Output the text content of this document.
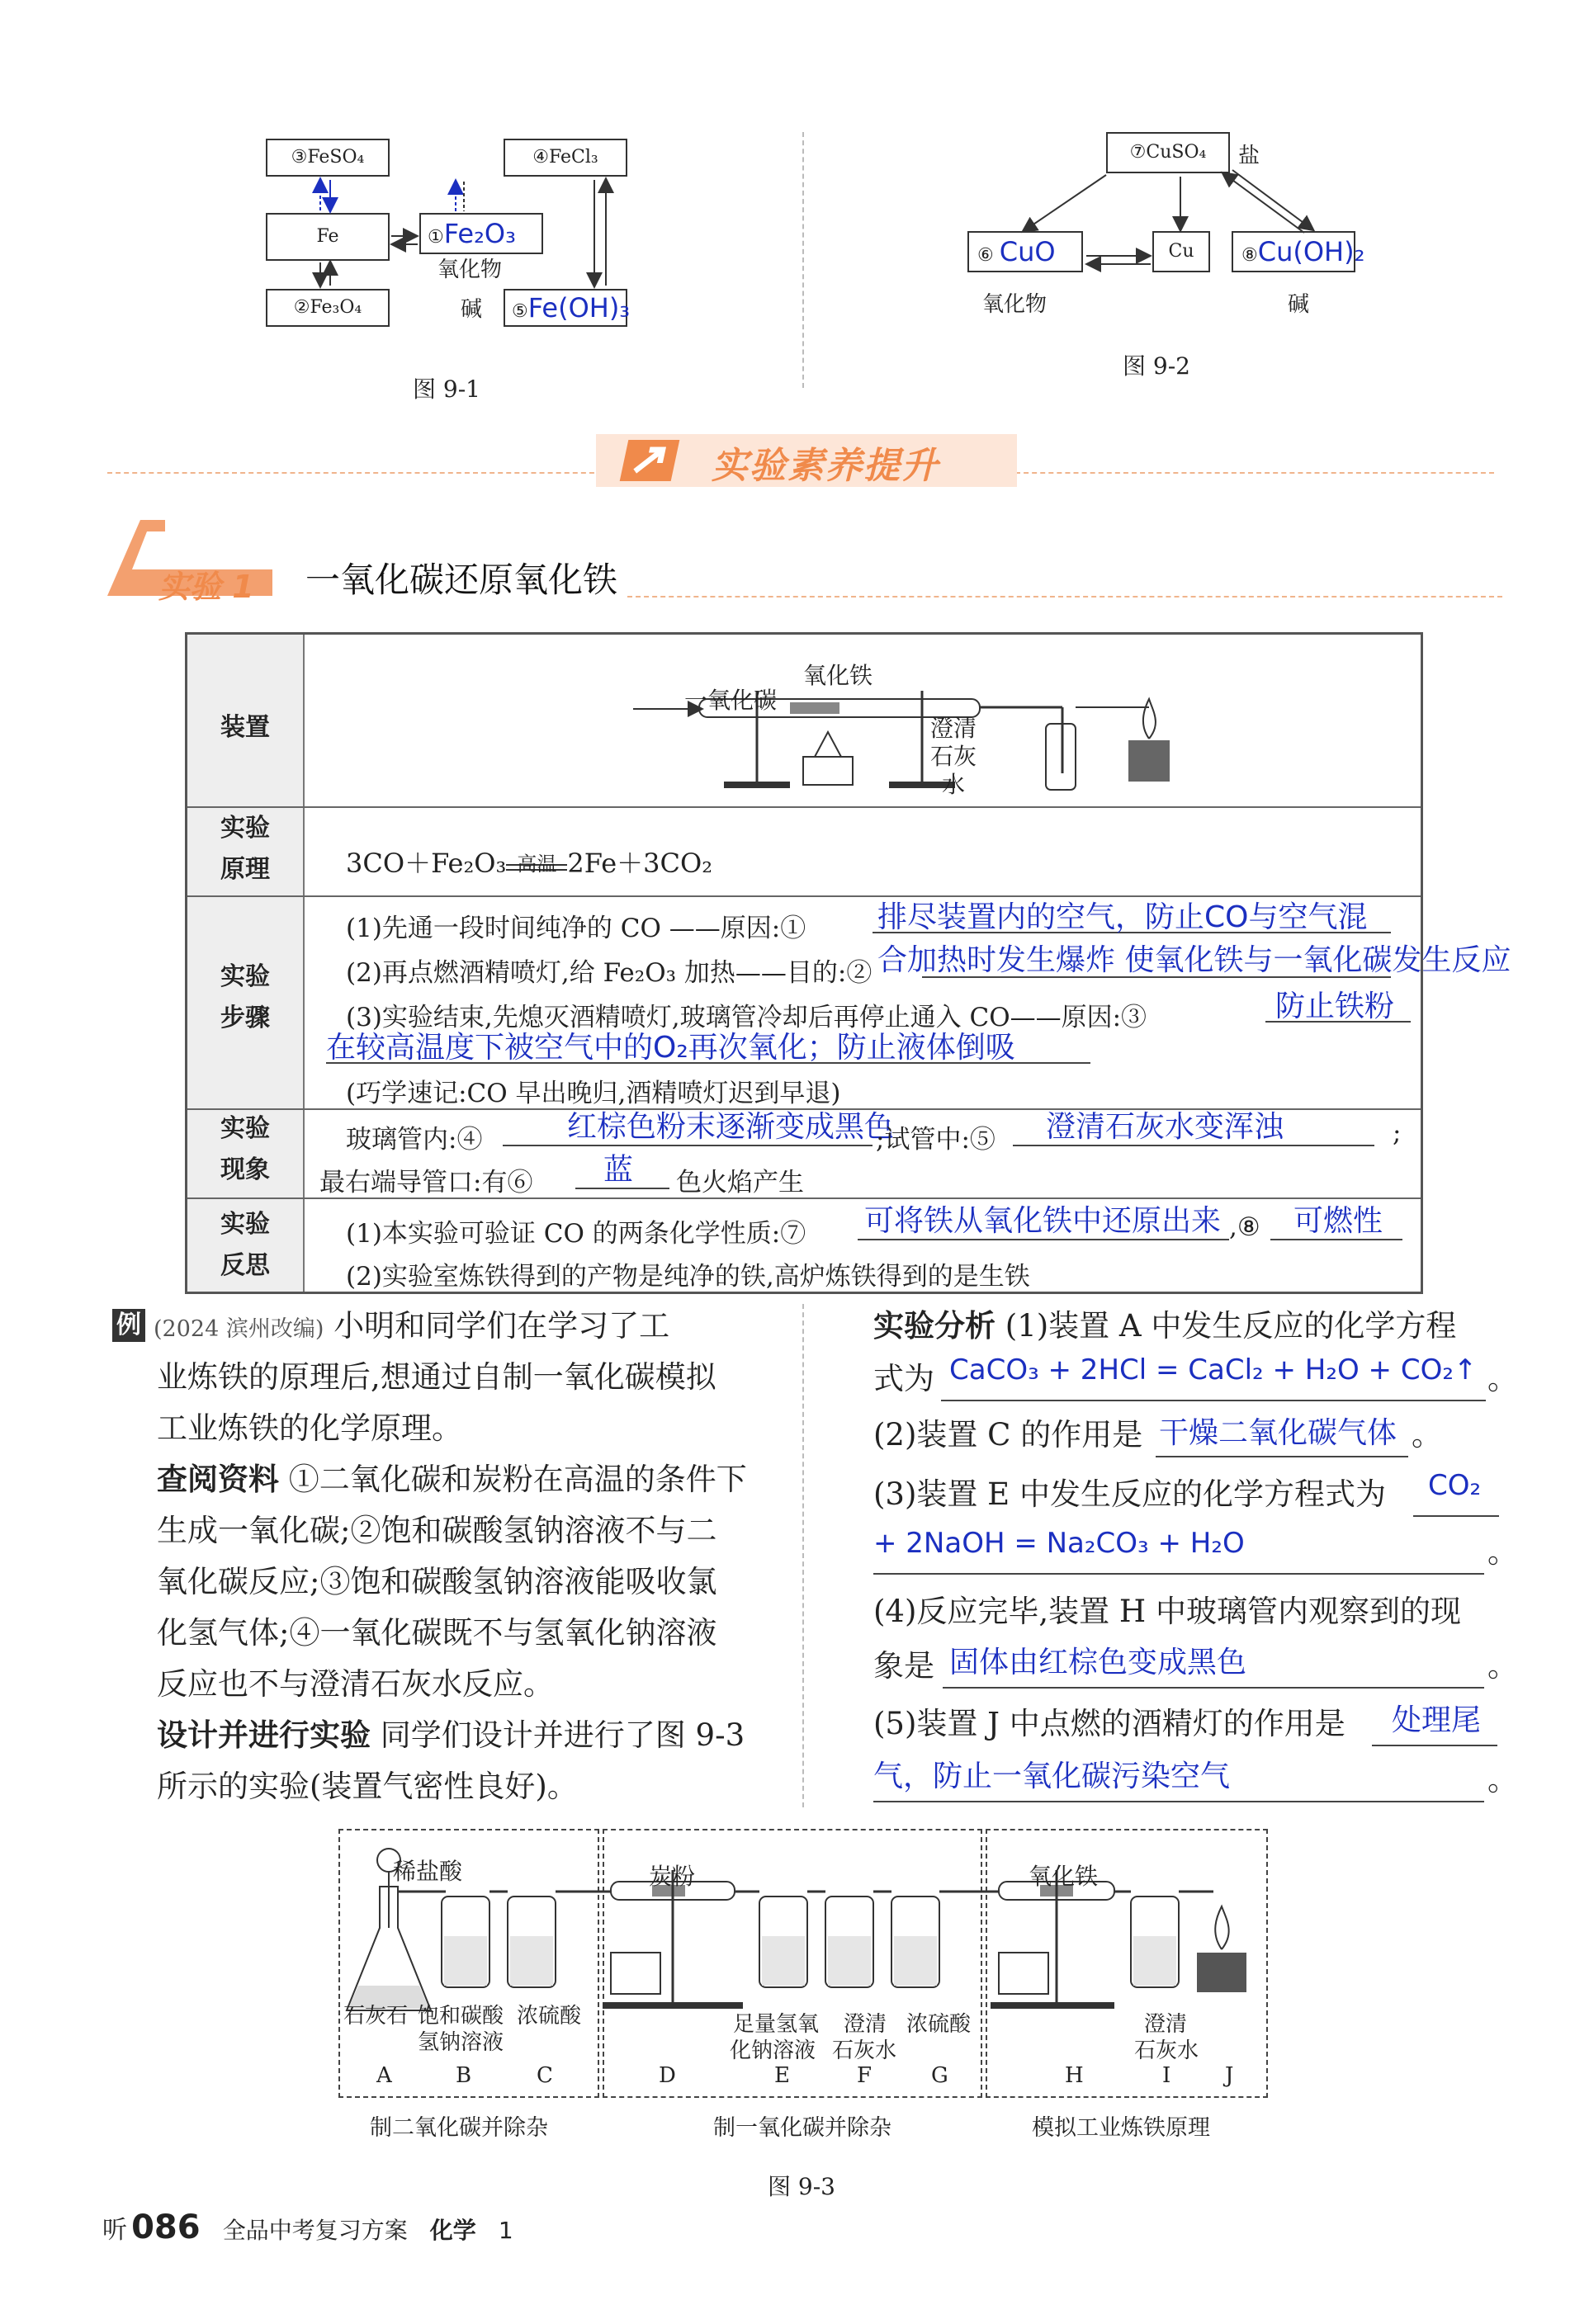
③FeSO₄	④FeCl₃
Fe	①Fe₂O₃
②Fe₃O₄	⑤Fe(OH)₃
氧化物
碱
图 9-1
⑦CuSO₄	盐
⑥ CuO	Cu	⑧Cu(OH)₂
氧化物	碱
图 9-2
实验素养提升
实验 1 一氧化碳还原氧化铁
装置
一氧化碳
氧化铁
澄清
石灰
水
实验
原理	3CO＋Fe₂O₃ 高温 2Fe＋3CO₂
实验
步骤
(1)先通一段时间纯净的 CO ——原因:① 排尽装置内的空气，防止CO与空气混
(2)再点燃酒精喷灯,给 Fe₂O₃ 加热——目的:② 合加热时发生爆炸 使氧化铁与一氧化碳发生反应
(3)实验结束,先熄灭酒精喷灯,玻璃管冷却后再停止通入 CO——原因:③	防止铁粉
在较高温度下被空气中的O₂再次氧化；防止液体倒吸
(巧学速记:CO 早出晚归,酒精喷灯迟到早退)
实验
现象
玻璃管内:④	红棕色粉末逐渐变成黑色
;试管中:⑤ 澄清石灰水变浑浊	;
最右端导管口:有⑥ 蓝 色火焰产生
实验
反思
(1)本实验可验证 CO 的两条化学性质:⑦ 可将铁从氧化铁中还原出来 ,⑧ 可燃性
(2)实验室炼铁得到的产物是纯净的铁,高炉炼铁得到的是生铁
例 1
(2024 滨州改编) 小明和同学们在学习了工
业炼铁的原理后,想通过自制一氧化碳模拟
工业炼铁的化学原理。
查阅资料 ①二氧化碳和炭粉在高温的条件下
生成一氧化碳;②饱和碳酸氢钠溶液不与二
氧化碳反应;③饱和碳酸氢钠溶液能吸收氯
化氢气体;④一氧化碳既不与氢氧化钠溶液
反应也不与澄清石灰水反应。
设计并进行实验 同学们设计并进行了图 9-3
所示的实验(装置气密性良好)。
实验分析 (1)装置 A 中发生反应的化学方程
式为 CaCO₃ + 2HCl = CaCl₂ + H₂O + CO₂↑ 。
(2)装置 C 的作用是 干燥二氧化碳气体 。
(3)装置 E 中发生反应的化学方程式为 CO₂
+ 2NaOH = Na₂CO₃ + H₂O	。
(4)反应完毕,装置 H 中玻璃管内观察到的现
象是 固体由红棕色变成黑色	。
(5)装置 J 中点燃的酒精灯的作用是 处理尾
气，防止一氧化碳污染空气	。
稀盐酸	炭粉	氧化铁
石灰石 饱和碳酸
氢钠溶液
浓硫酸	足量氢氧
化钠溶液
澄清
石灰水
浓硫酸	澄清
石灰水
A	B	C	D	E	F	G	H	I	J
制二氧化碳并除杂	制一氧化碳并除杂	模拟工业炼铁原理
图 9-3
听 086 全品中考复习方案 化学 1
